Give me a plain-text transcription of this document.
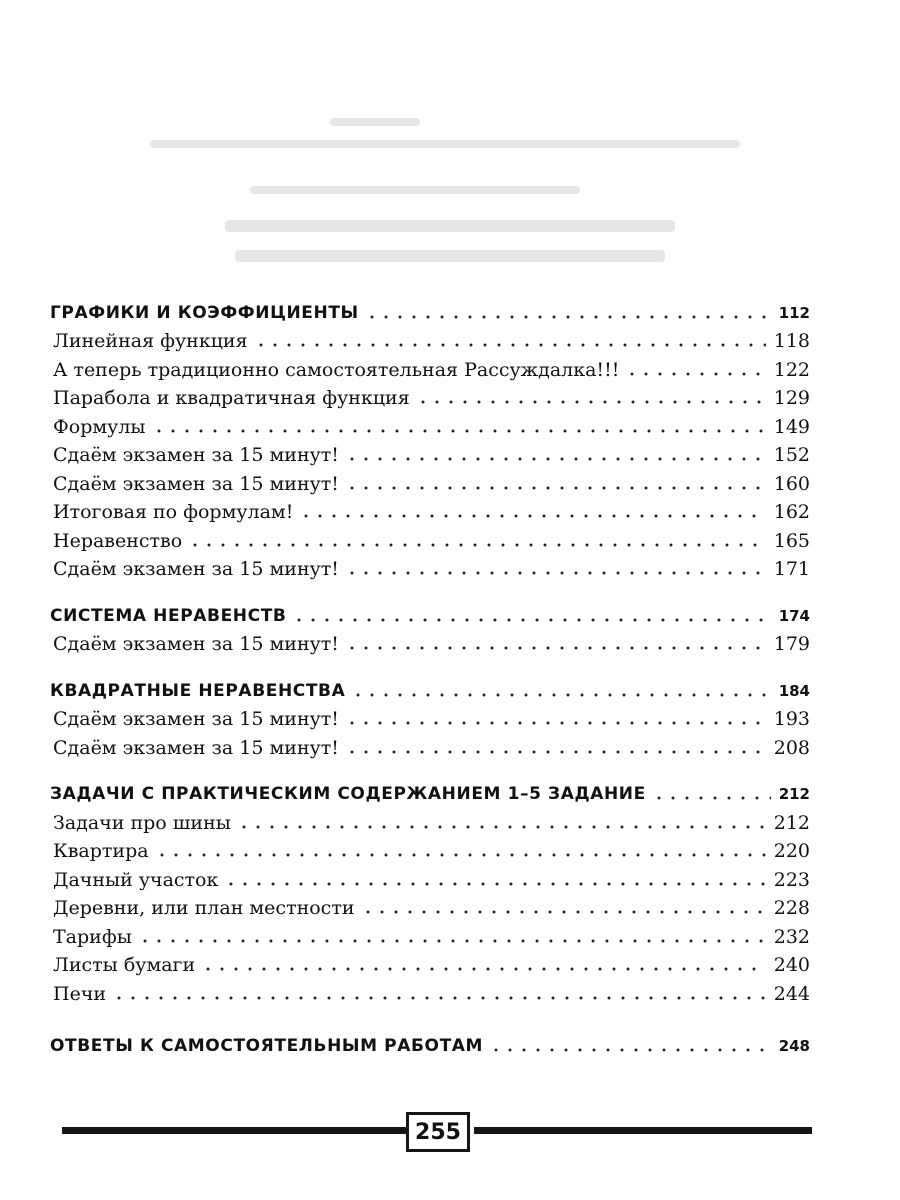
ГРАФИКИ И КОЭФФИЦИЕНТЫ	112
Линейная функция	118
А теперь традиционно самостоятельная Рассуждалка!!!	122
Парабола и квадратичная функция	129
Формулы	149
Сдаём экзамен за 15 минут!	152
Сдаём экзамен за 15 минут!	160
Итоговая по формулам!	162
Неравенство	165
Сдаём экзамен за 15 минут!	171
СИСТЕМА НЕРАВЕНСТВ	174
Сдаём экзамен за 15 минут!	179
КВАДРАТНЫЕ НЕРАВЕНСТВА	184
Сдаём экзамен за 15 минут!	193
Сдаём экзамен за 15 минут!	208
ЗАДАЧИ С ПРАКТИЧЕСКИМ СОДЕРЖАНИЕМ 1–5 ЗАДАНИЕ	212
Задачи про шины	212
Квартира	220
Дачный участок	223
Деревни, или план местности	228
Тарифы	232
Листы бумаги	240
Печи	244
ОТВЕТЫ К САМОСТОЯТЕЛЬНЫМ РАБОТАМ	248
255
